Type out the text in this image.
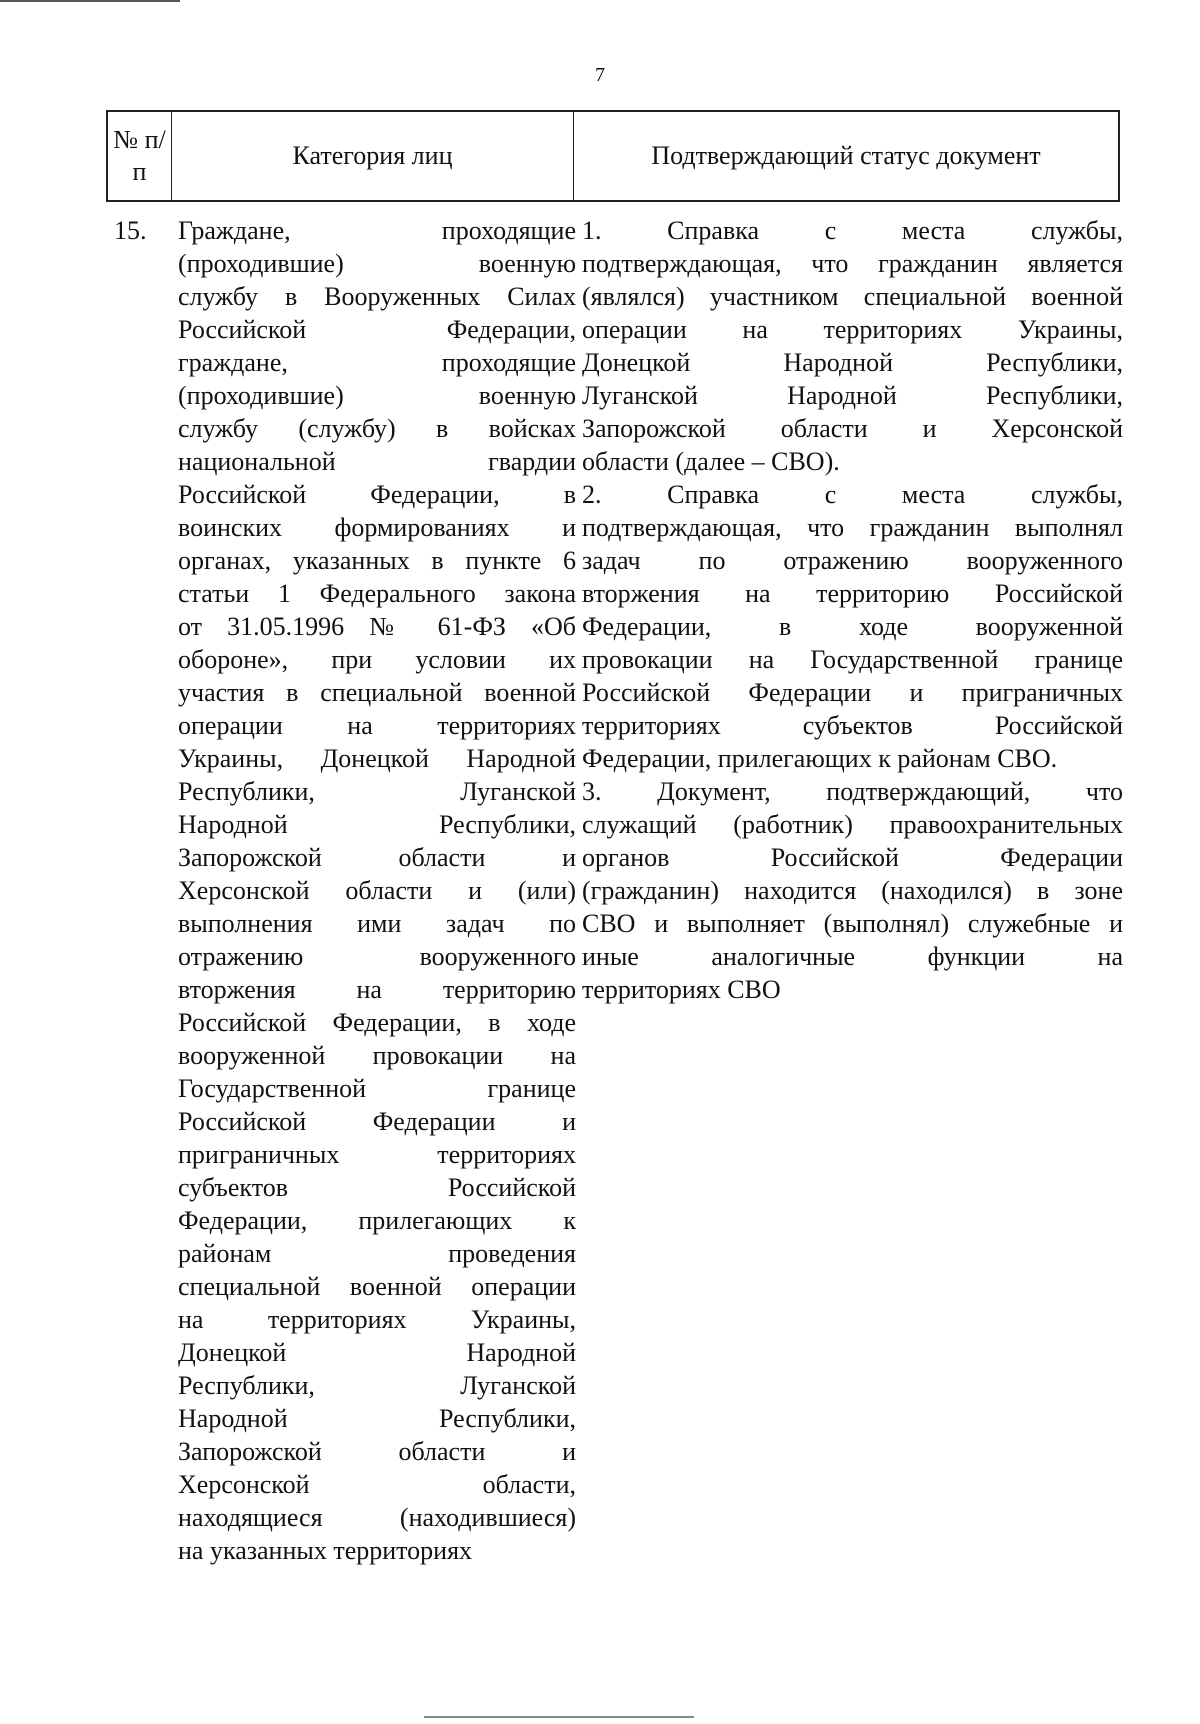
7
№ п/п
Категория лиц	Подтверждающий статус документ
15.	Граждане, проходящие
(проходившие) военную
службу в Вооруженных Силах
Российской Федерации,
граждане, проходящие
(проходившие) военную
службу (службу) в войсках
национальной гвардии
Российской Федерации, в
воинских формированиях и
органах, указанных в пункте 6
статьи 1 Федерального закона
от 31.05.1996 № 61-ФЗ «Об
обороне», при условии их
участия в специальной военной
операции на территориях
Украины, Донецкой Народной
Республики, Луганской
Народной Республики,
Запорожской области и
Херсонской области и (или)
выполнения ими задач по
отражению вооруженного
вторжения на территорию
Российской Федерации, в ходе
вооруженной провокации на
Государственной границе
Российской Федерации и
приграничных территориях
субъектов Российской
Федерации, прилегающих к
районам проведения
специальной военной операции
на территориях Украины,
Донецкой Народной
Республики, Луганской
Народной Республики,
Запорожской области и
Херсонской области,
находящиеся (находившиеся)
на указанных территориях
1. Справка с места службы,
подтверждающая, что гражданин является
(являлся) участником специальной военной
операции на территориях Украины,
Донецкой Народной Республики,
Луганской Народной Республики,
Запорожской области и Херсонской
области (далее – СВО).
2. Справка с места службы,
подтверждающая, что гражданин выполнял
задач по отражению вооруженного
вторжения на территорию Российской
Федерации, в ходе вооруженной
провокации на Государственной границе
Российской Федерации и приграничных
территориях субъектов Российской
Федерации, прилегающих к районам СВО.
3. Документ, подтверждающий, что
служащий (работник) правоохранительных
органов Российской Федерации
(гражданин) находится (находился) в зоне
СВО и выполняет (выполнял) служебные и
иные аналогичные функции на
территориях СВО
